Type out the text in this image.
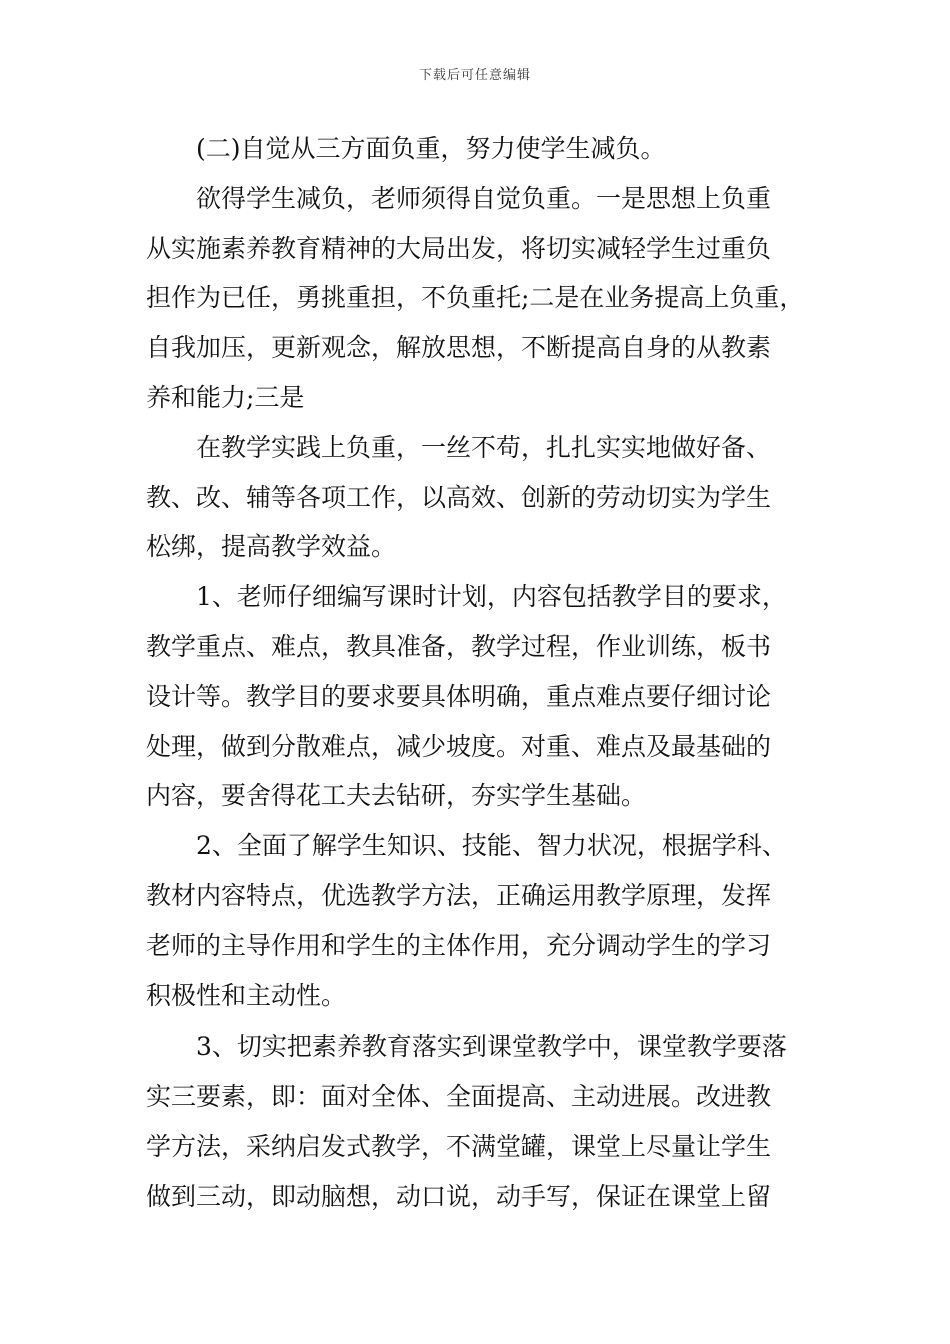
下载后可任意编辑
(二)自觉从三方面负重，努力使学生减负。
欲得学生减负，老师须得自觉负重。一是思想上负重
从实施素养教育精神的大局出发，将切实减轻学生过重负
担作为已任，勇挑重担，不负重托;二是在业务提高上负重，
自我加压，更新观念，解放思想，不断提高自身的从教素
养和能力;三是
在教学实践上负重，一丝不苟，扎扎实实地做好备、
教、改、辅等各项工作，以高效、创新的劳动切实为学生
松绑，提高教学效益。
1、老师仔细编写课时计划，内容包括教学目的要求，
教学重点、难点，教具准备，教学过程，作业训练，板书
设计等。教学目的要求要具体明确，重点难点要仔细讨论
处理，做到分散难点，减少坡度。对重、难点及最基础的
内容，要舍得花工夫去钻研，夯实学生基础。
2、全面了解学生知识、技能、智力状况，根据学科、
教材内容特点，优选教学方法，正确运用教学原理，发挥
老师的主导作用和学生的主体作用，充分调动学生的学习
积极性和主动性。
3、切实把素养教育落实到课堂教学中，课堂教学要落
实三要素，即：面对全体、全面提高、主动进展。改进教
学方法，采纳启发式教学，不满堂罐，课堂上尽量让学生
做到三动，即动脑想，动口说，动手写，保证在课堂上留
